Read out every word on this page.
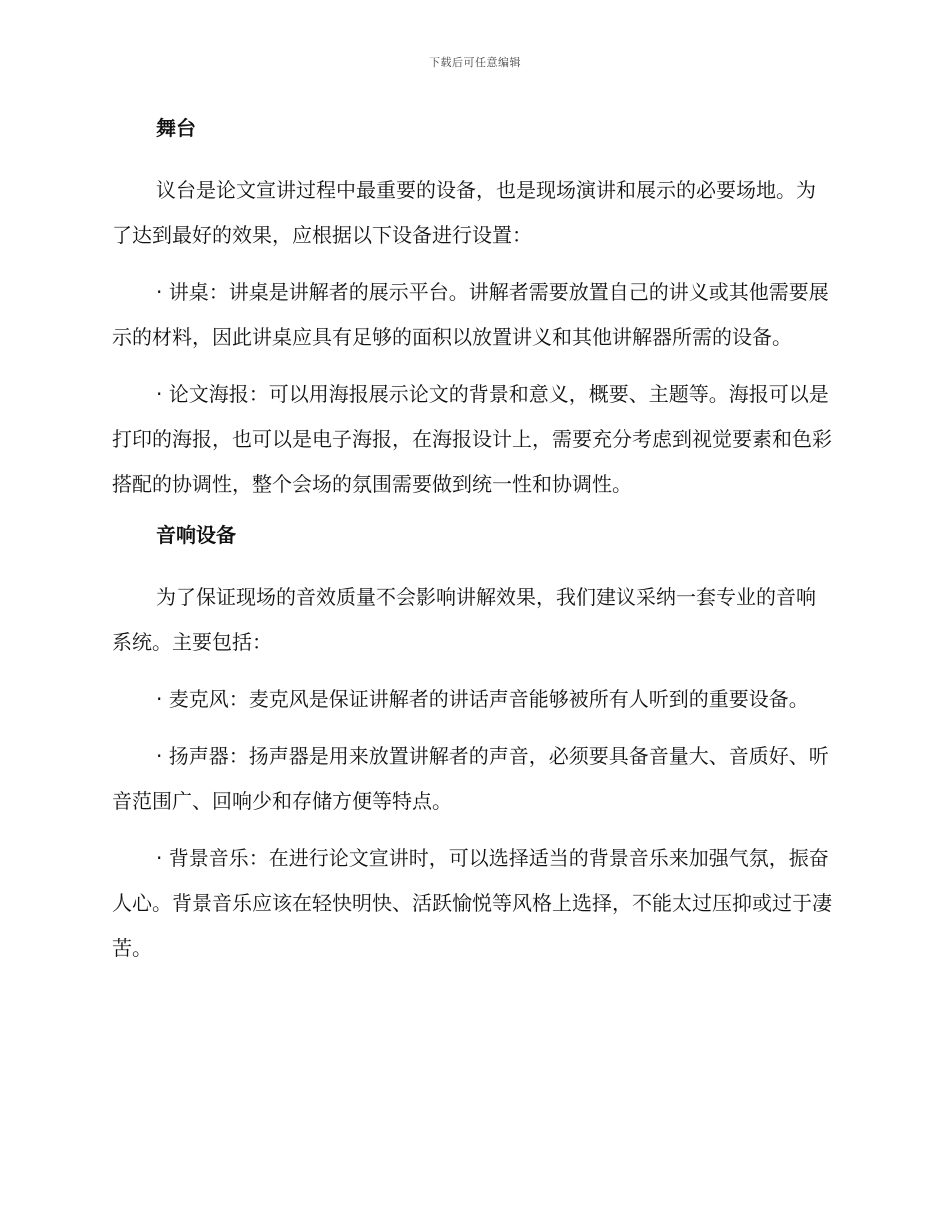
下载后可任意编辑
舞台

议台是论文宣讲过程中最重要的设备，也是现场演讲和展示的必要场地。为了达到最好的效果，应根据以下设备进行设置：

· 讲桌：讲桌是讲解者的展示平台。讲解者需要放置自己的讲义或其他需要展示的材料，因此讲桌应具有足够的面积以放置讲义和其他讲解器所需的设备。

· 论文海报：可以用海报展示论文的背景和意义，概要、主题等。海报可以是打印的海报，也可以是电子海报，在海报设计上，需要充分考虑到视觉要素和色彩搭配的协调性，整个会场的氛围需要做到统一性和协调性。

音响设备

为了保证现场的音效质量不会影响讲解效果，我们建议采纳一套专业的音响系统。主要包括：

· 麦克风：麦克风是保证讲解者的讲话声音能够被所有人听到的重要设备。

· 扬声器：扬声器是用来放置讲解者的声音，必须要具备音量大、音质好、听音范围广、回响少和存储方便等特点。

· 背景音乐：在进行论文宣讲时，可以选择适当的背景音乐来加强气氛，振奋人心。背景音乐应该在轻快明快、活跃愉悦等风格上选择，不能太过压抑或过于凄苦。
